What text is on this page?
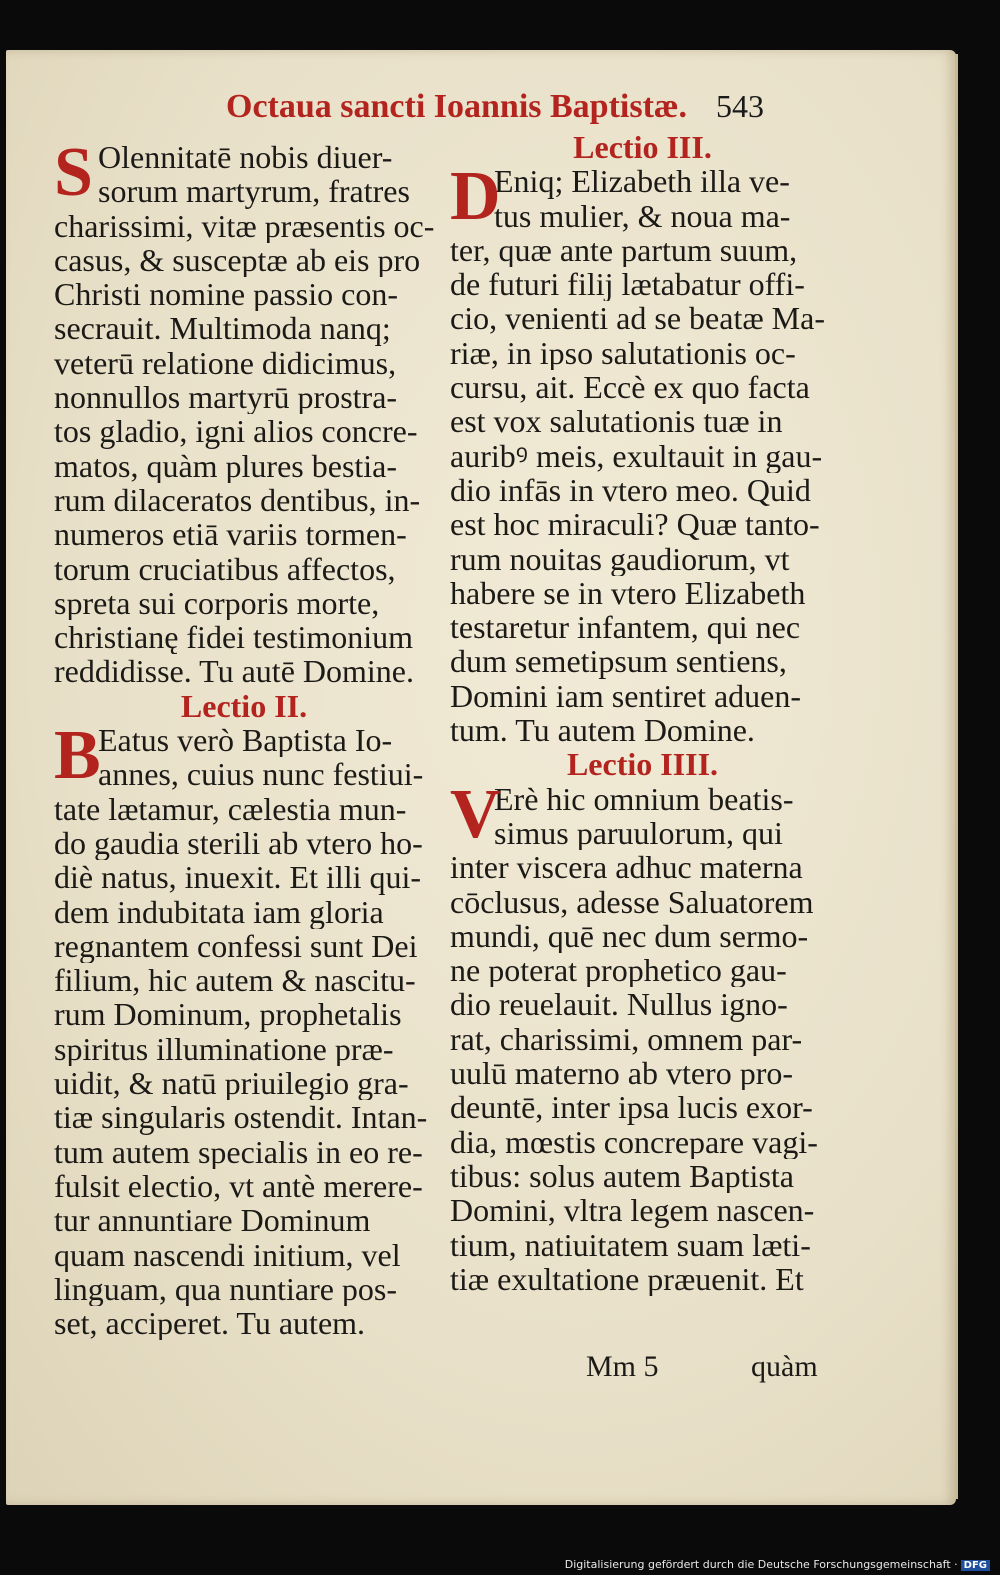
Octaua sancti Ioannis Baptistæ. 543
S Olennitatē nobis diuer-
sorum martyrum, fratres
charissimi, vitæ præsentis oc-
casus, & susceptæ ab eis pro
Christi nomine passio con-
secrauit. Multimoda nanq;
veterū relatione didicimus,
nonnullos martyrū prostra-
tos gladio, igni alios concre-
matos, quàm plures bestia-
rum dilaceratos dentibus, in-
numeros etiā variis tormen-
torum cruciatibus affectos,
spreta sui corporis morte,
christianę fidei testimonium
reddidisse. Tu autē Domine.
Lectio II.
B
Eatus verò Baptista Io-
annes, cuius nunc festiui-
tate lætamur, cælestia mun-
do gaudia sterili ab vtero ho-
diè natus, inuexit. Et illi qui-
dem indubitata iam gloria
regnantem confessi sunt Dei
filium, hic autem & nascitu-
rum Dominum, prophetalis
spiritus illuminatione præ-
uidit, & natū priuilegio gra-
tiæ singularis ostendit. Intan-
tum autem specialis in eo re-
fulsit electio, vt antè merere-
tur annuntiare Dominum
quam nascendi initium, vel
linguam, qua nuntiare pos-
set, acciperet. Tu autem.
Lectio III.
D
Eniq; Elizabeth illa ve-
tus mulier, & noua ma-
ter, quæ ante partum suum,
de futuri filij lætabatur offi-
cio, venienti ad se beatæ Ma-
riæ, in ipso salutationis oc-
cursu, ait. Eccè ex quo facta
est vox salutationis tuæ in
auribꝰ meis, exultauit in gau-
dio infās in vtero meo. Quid
est hoc miraculi? Quæ tanto-
rum nouitas gaudiorum, vt
habere se in vtero Elizabeth
testaretur infantem, qui nec
dum semetipsum sentiens,
Domini iam sentiret aduen-
tum. Tu autem Domine.
Lectio IIII.
V
Erè hic omnium beatis-
simus paruulorum, qui
inter viscera adhuc materna
cōclusus, adesse Saluatorem
mundi, quē nec dum sermo-
ne poterat prophetico gau-
dio reuelauit. Nullus igno-
rat, charissimi, omnem par-
uulū materno ab vtero pro-
deuntē, inter ipsa lucis exor-
dia, mœstis concrepare vagi-
tibus: solus autem Baptista
Domini, vltra legem nascen-
tium, natiuitatem suam læti-
tiæ exultatione præuenit. Et
Mm 5	quàm
Digitalisierung gefördert durch die Deutsche Forschungsgemeinschaft · DFG
